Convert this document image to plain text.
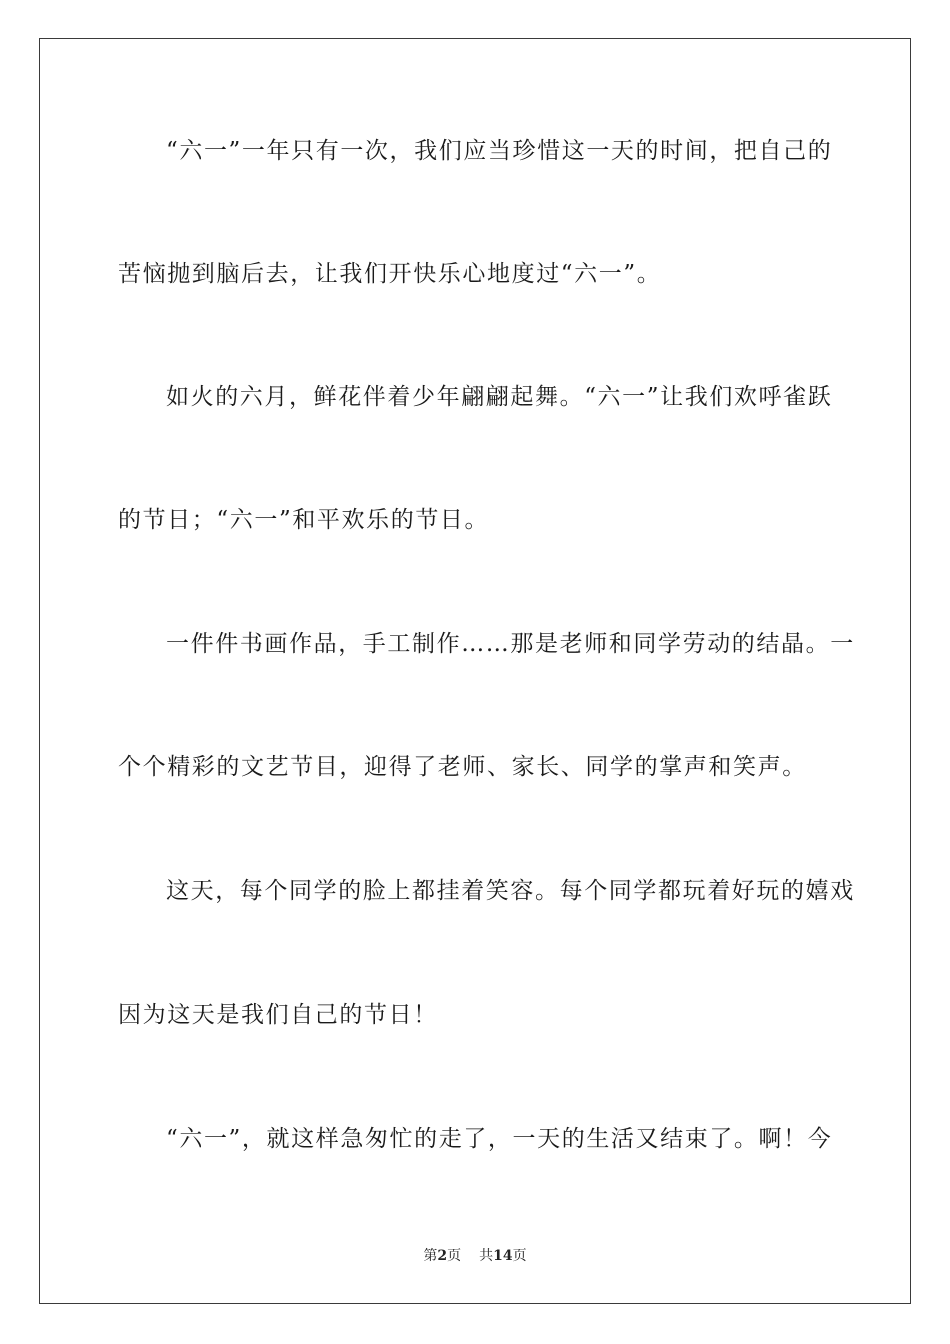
“六一”一年只有一次，我们应当珍惜这一天的时间，把自己的
苦恼抛到脑后去，让我们开快乐心地度过“六一”。
如火的六月，鲜花伴着少年翩翩起舞。“六一”让我们欢呼雀跃
的节日；“六一”和平欢乐的节日。
一件件书画作品，手工制作……那是老师和同学劳动的结晶。一
个个精彩的文艺节目，迎得了老师、家长、同学的掌声和笑声。
这天，每个同学的脸上都挂着笑容。每个同学都玩着好玩的嬉戏
因为这天是我们自己的节日！
“六一”，就这样急匆忙的走了，一天的生活又结束了。啊！今
第2页 共14页
